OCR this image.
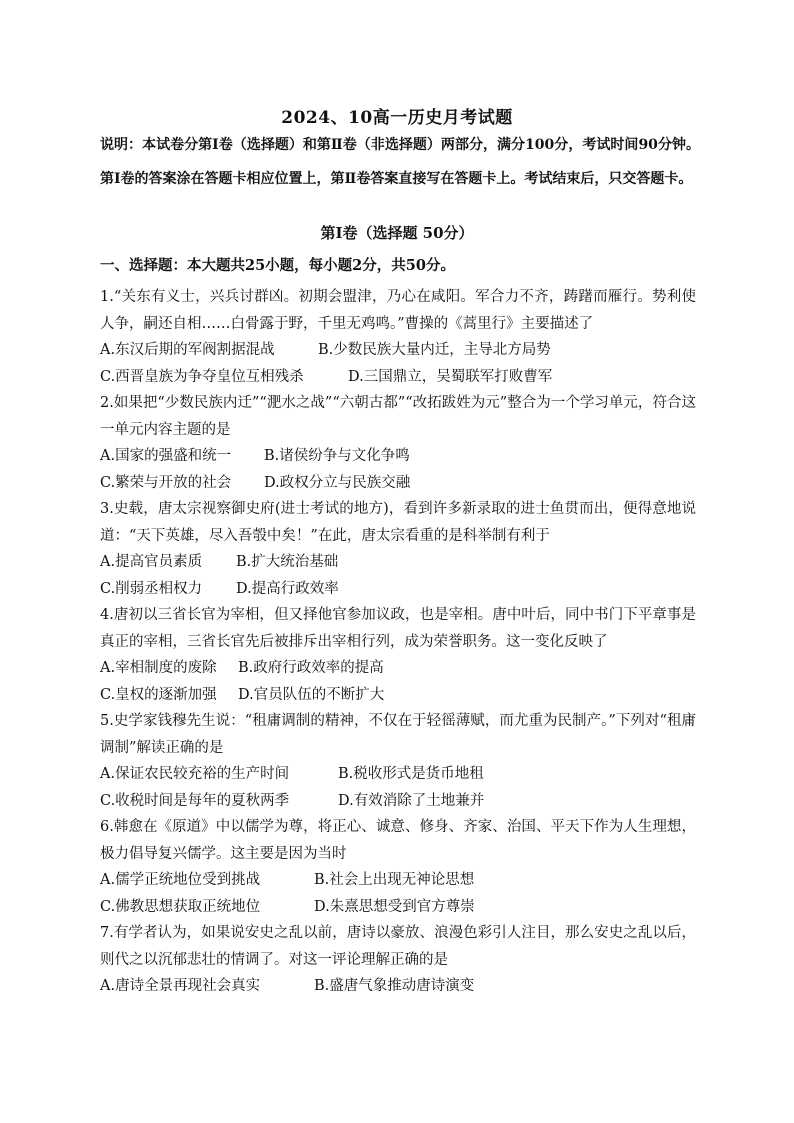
2024、10高一历史月考试题
说明：本试卷分第Ⅰ卷（选择题）和第Ⅱ卷（非选择题）两部分，满分100分，考试时间90分钟。第Ⅰ卷的答案涂在答题卡相应位置上，第Ⅱ卷答案直接写在答题卡上。考试结束后，只交答题卡。
第Ⅰ卷（选择题 50分）
一、选择题：本大题共25小题，每小题2分，共50分。
1.“关东有义士，兴兵讨群凶。初期会盟津，乃心在咸阳。军合力不齐，踌躇而雁行。势利使人争，嗣还自相……白骨露于野，千里无鸡鸣。”曹操的《蒿里行》主要描述了
A.东汉后期的军阀割据混战	B.少数民族大量内迁，主导北方局势
C.西晋皇族为争夺皇位互相残杀	D.三国鼎立，吴蜀联军打败曹军
2.如果把“少数民族内迁”“淝水之战”“六朝古都”“改拓跋姓为元”整合为一个学习单元，符合这一单元内容主题的是
A.国家的强盛和统一	B.诸侯纷争与文化争鸣
C.繁荣与开放的社会	D.政权分立与民族交融
3.史载，唐太宗视察御史府(进士考试的地方)，看到许多新录取的进士鱼贯而出，便得意地说道：“天下英雄，尽入吾彀中矣！”在此，唐太宗看重的是科举制有利于
A.提高官员素质	B.扩大统治基础
C.削弱丞相权力	D.提高行政效率
4.唐初以三省长官为宰相，但又择他官参加议政，也是宰相。唐中叶后，同中书门下平章事是真正的宰相，三省长官先后被排斥出宰相行列，成为荣誉职务。这一变化反映了
A.宰相制度的废除	B.政府行政效率的提高
C.皇权的逐渐加强	D.官员队伍的不断扩大
5.史学家钱穆先生说：“租庸调制的精神，不仅在于轻徭薄赋，而尤重为民制产。”下列对“租庸调制”解读正确的是
A.保证农民较充裕的生产时间	B.税收形式是货币地租
C.收税时间是每年的夏秋两季	D.有效消除了土地兼并
6.韩愈在《原道》中以儒学为尊，将正心、诚意、修身、齐家、治国、平天下作为人生理想，极力倡导复兴儒学。这主要是因为当时
A.儒学正统地位受到挑战	B.社会上出现无神论思想
C.佛教思想获取正统地位	D.朱熹思想受到官方尊崇
7.有学者认为，如果说安史之乱以前，唐诗以豪放、浪漫色彩引人注目，那么安史之乱以后，则代之以沉郁悲壮的情调了。对这一评论理解正确的是
A.唐诗全景再现社会真实	B.盛唐气象推动唐诗演变
